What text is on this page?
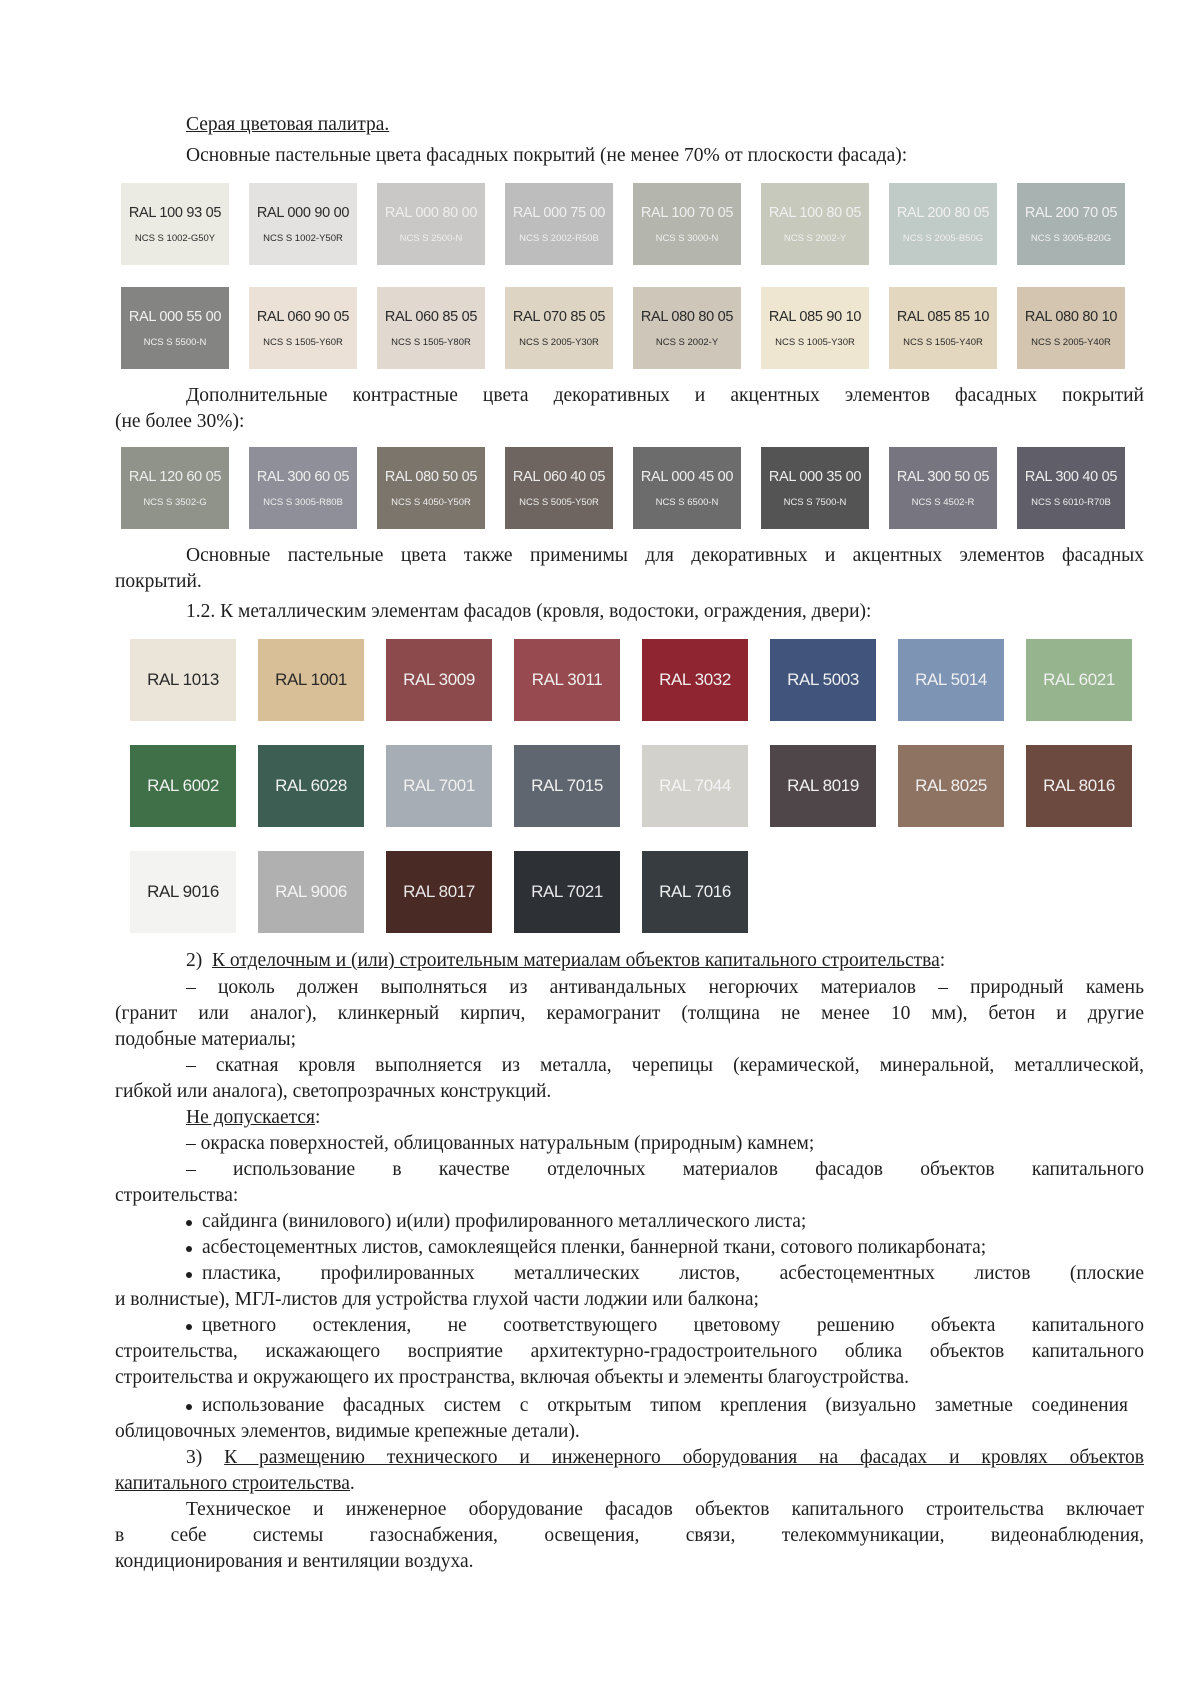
Серая цветовая палитра.

Основные пастельные цвета фасадных покрытий (не менее 70% от плоскости фасада):

RAL 100 93 05
NCS S 1002-G50Y
RAL 000 90 00
NCS S 1002-Y50R
RAL 000 80 00
NCS S 2500-N
RAL 000 75 00
NCS S 2002-R50B
RAL 100 70 05
NCS S 3000-N
RAL 100 80 05
NCS S 2002-Y
RAL 200 80 05
NCS S 2005-B50G
RAL 200 70 05
NCS S 3005-B20G
RAL 000 55 00
NCS S 5500-N
RAL 060 90 05
NCS S 1505-Y60R
RAL 060 85 05
NCS S 1505-Y80R
RAL 070 85 05
NCS S 2005-Y30R
RAL 080 80 05
NCS S 2002-Y
RAL 085 90 10
NCS S 1005-Y30R
RAL 085 85 10
NCS S 1505-Y40R
RAL 080 80 10
NCS S 2005-Y40R

Дополнительные контрастные цвета декоративных и акцентных элементов фасадных покрытий

(не более 30%):

RAL 120 60 05
NCS S 3502-G
RAL 300 60 05
NCS S 3005-R80B
RAL 080 50 05
NCS S 4050-Y50R
RAL 060 40 05
NCS S 5005-Y50R
RAL 000 45 00
NCS S 6500-N
RAL 000 35 00
NCS S 7500-N
RAL 300 50 05
NCS S 4502-R
RAL 300 40 05
NCS S 6010-R70B

Основные пастельные цвета также применимы для декоративных и акцентных элементов фасадных

покрытий.

1.2. К металлическим элементам фасадов (кровля, водостоки, ограждения, двери):

RAL 1013	RAL 1001	RAL 3009	RAL 3011	RAL 3032	RAL 5003	RAL 5014	RAL 6021
RAL 6002	RAL 6028	RAL 7001	RAL 7015	RAL 7044	RAL 8019	RAL 8025	RAL 8016
RAL 9016	RAL 9006	RAL 8017	RAL 7021	RAL 7016

2) К отделочным и (или) строительным материалам объектов капитального строительства:

– цоколь должен выполняться из антивандальных негорючих материалов – природный камень

(гранит или аналог), клинкерный кирпич, керамогранит (толщина не менее 10 мм), бетон и другие

подобные материалы;

– скатная кровля выполняется из металла, черепицы (керамической, минеральной, металлической,

гибкой или аналога), светопрозрачных конструкций.

Не допускается:

– окраска поверхностей, облицованных натуральным (природным) камнем;

– использование в качестве отделочных материалов фасадов объектов капитального

строительства:

сайдинга (винилового) и(или) профилированного металлического листа;

асбестоцементных листов, самоклеящейся пленки, баннерной ткани, сотового поликарбоната;

пластика, профилированных металлических листов, асбестоцементных листов (плоские

и волнистые), МГЛ-листов для устройства глухой части лоджии или балкона;

цветного остекления, не соответствующего цветовому решению объекта капитального

строительства, искажающего восприятие архитектурно-градостроительного облика объектов капитального

строительства и окружающего их пространства, включая объекты и элементы благоустройства.

использование фасадных систем с открытым типом крепления (визуально заметные соединения

облицовочных элементов, видимые крепежные детали).

3) К размещению технического и инженерного оборудования на фасадах и кровлях объектов

капитального строительства.

Техническое и инженерное оборудование фасадов объектов капитального строительства включает

в себе системы газоснабжения, освещения, связи, телекоммуникации, видеонаблюдения,

кондиционирования и вентиляции воздуха.
